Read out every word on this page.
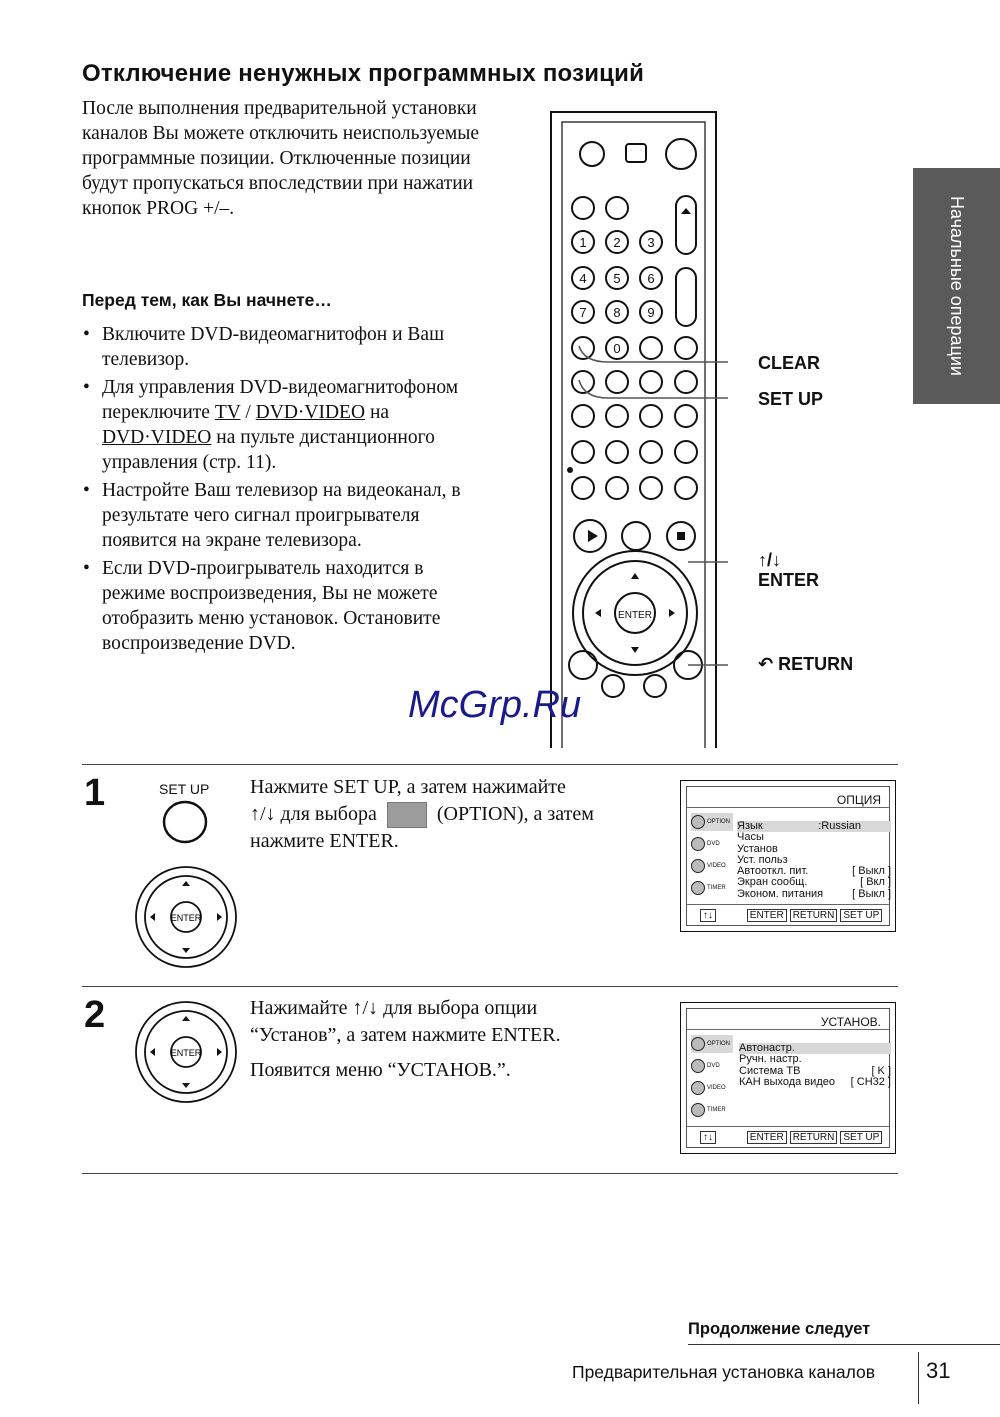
Отключение ненужных программных позиций
После выполнения предварительной установки каналов Вы можете отключить неиспользуемые программные позиции. Отключенные позиции будут пропускаться впоследствии при нажатии кнопок PROG +/–.
Перед тем, как Вы начнете…
• Включите DVD-видеомагнитофон и Ваш телевизор.
• Для управления DVD-видеомагнитофоном переключите TV / DVD·VIDEO на DVD·VIDEO на пульте дистанционного управления (стр. 11).
• Настройте Ваш телевизор на видеоканал, в результате чего сигнал проигрывателя появится на экране телевизора.
• Если DVD-проигрыватель находится в режиме воспроизведения, Вы не можете отобразить меню установок. Остановите воспроизведение DVD.
Начальные операции
1 2 3
4 5 6
7 8 9
0
ENTER
CLEAR
SET UP
↑/↓
ENTER
↶ RETURN
McGrp.Ru
1	SET UP
ENTER
Нажмите SET UP, а затем нажимайте
↑/↓ для выбора	(OPTION), а затем
нажмите ENTER.
ОПЦИЯ
OPTION
DVD
VIDEO
TIMER
Язык	:Russian
Часы
Установ
Уст. польз
Автооткл. пит.	[ Выкл ]
Экран сообщ.	[ Вкл ]
Эконом. питания	[ Выкл ]
↑↓	ENTER RETURN SET UP
2
ENTER
Нажимайте ↑/↓ для выбора опции
“Установ”, а затем нажмите ENTER.
Появится меню “УСТАНОВ.”.
УСТАНОВ.
OPTION
DVD
VIDEO
TIMER
Автонастр.
Ручн. настр.
Система ТВ	[ K ]
КАН выхода видео [ CH32 ]
↑↓	ENTER RETURN SET UP
Продолжение следует
Предварительная установка каналов 31
